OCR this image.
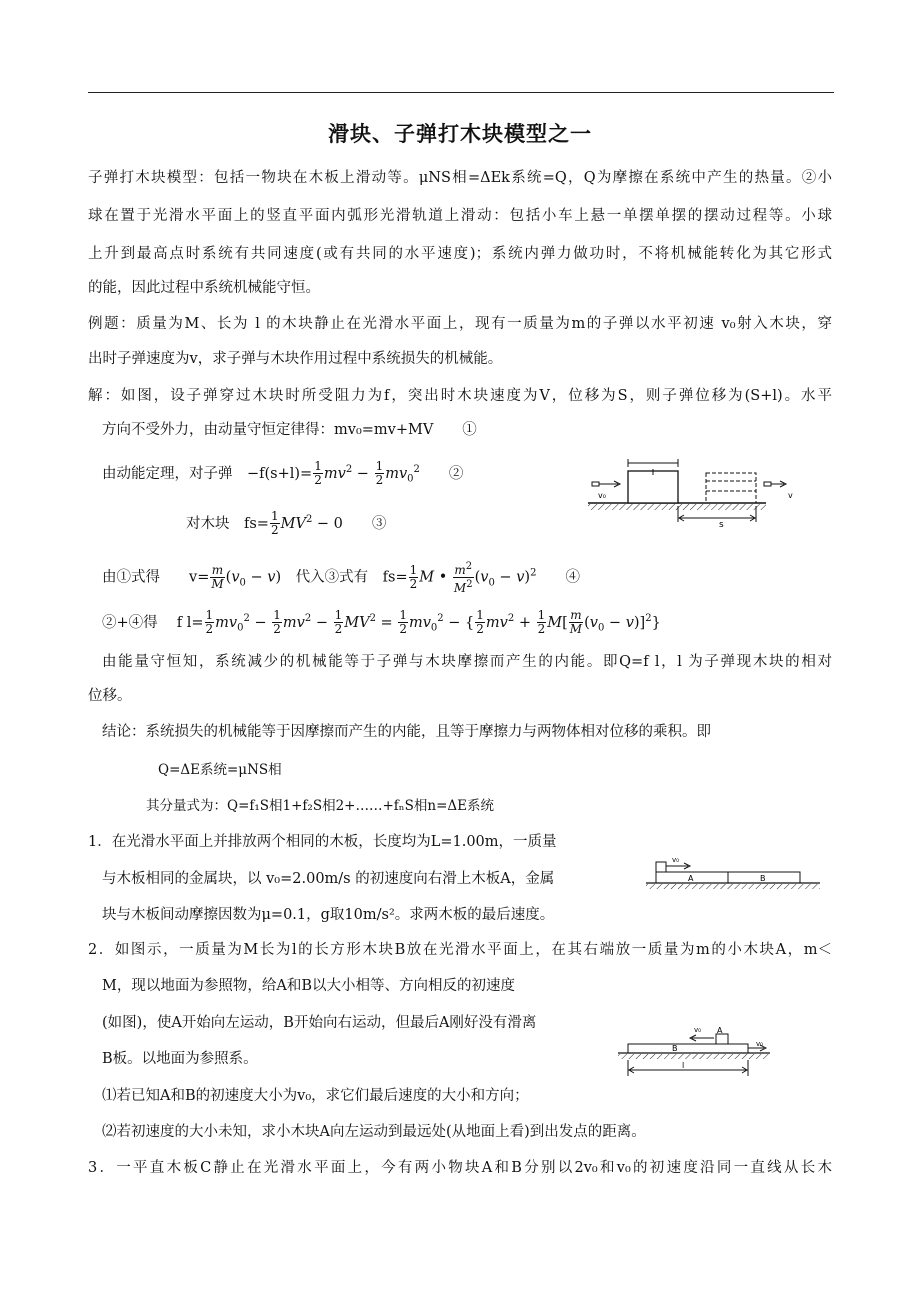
滑块、子弹打木块模型之一
子弹打木块模型：包括一物块在木板上滑动等。μNS相=ΔEk系统=Q，Q为摩擦在系统中产生的热量。②小
球在置于光滑水平面上的竖直平面内弧形光滑轨道上滑动：包括小车上悬一单摆单摆的摆动过程等。小球
上升到最高点时系统有共同速度(或有共同的水平速度)；系统内弹力做功时，不将机械能转化为其它形式
的能，因此过程中系统机械能守恒。
例题：质量为M、长为 l 的木块静止在光滑水平面上，现有一质量为m的子弹以水平初速 v₀射入木块，穿
出时子弹速度为v，求子弹与木块作用过程中系统损失的机械能。
解：如图，设子弹穿过木块时所受阻力为f，突出时木块速度为V，位移为S，则子弹位移为(S+l)。水平
方向不受外力，由动量守恒定律得：mv₀=mv+MV　　①
由动能定理，对子弹　$-f(s+l)= \frac{1}{2} mv^2 - \frac{1}{2} mv_0^2$　　 ②
对木块　$fs= \frac{1}{2} MV^2 - 0$　　③
由①式得　　$v= \frac{m}{M} (v_0 - v)$　代入③式有　$fs= \frac{1}{2}$ M • $\frac{m^2}{M^2} (v_0 - v)^2$　　 ④
②+④得　 f $l= \frac{1}{2} mv_0^2 - \frac{1}{2} mv^2 - \frac{1}{2} MV^2 = \frac{1}{2} mv_0^2$ − { $\frac{1}{2} mv^2 + \frac{1}{2} M[ \frac{m}{M} (v_0 - v)]^2$}
由能量守恒知，系统减少的机械能等于子弹与木块摩擦而产生的内能。即Q=f l，l 为子弹现木块的相对
位移。
结论：系统损失的机械能等于因摩擦而产生的内能，且等于摩擦力与两物体相对位移的乘积。即
Q=ΔE系统=μNS相
其分量式为：Q=f₁S相1+f₂S相2+……+fₙS相n=ΔE系统
1．在光滑水平面上并排放两个相同的木板，长度均为L=1.00m，一质量
与木板相同的金属块，以 v₀=2.00m/s 的初速度向右滑上木板A，金属
块与木板间动摩擦因数为μ=0.1，g取10m/s²。求两木板的最后速度。
2．如图示，一质量为M长为l的长方形木块B放在光滑水平面上，在其右端放一质量为m的小木块A，m＜
M，现以地面为参照物，给A和B以大小相等、方向相反的初速度
(如图)，使A开始向左运动，B开始向右运动，但最后A刚好没有滑离
B板。以地面为参照系。
⑴若已知A和B的初速度大小为v₀，求它们最后速度的大小和方向；
⑵若初速度的大小未知，求小木块A向左运动到最远处(从地面上看)到出发点的距离。
3．一平直木板C静止在光滑水平面上，今有两小物块A和B分别以2v₀和v₀的初速度沿同一直线从长木
v₀	v
s
v₀
A	B
v₀ A
B	v₀
l
